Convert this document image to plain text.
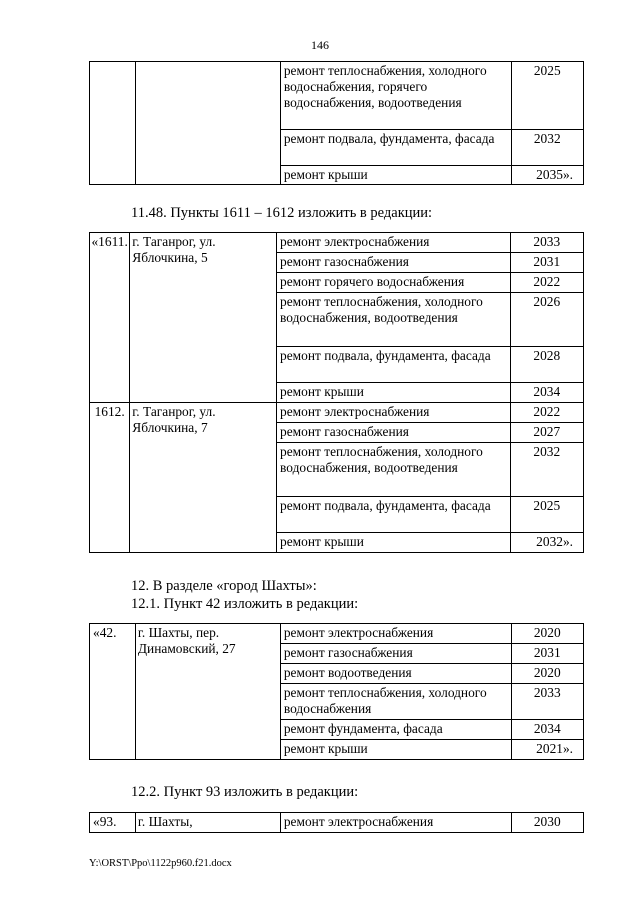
146
		ремонт теплоснабжения, холодного водоснабжения, горячего водоснабжения, водоотведения	2025
		ремонт подвала, фундамента, фасада	2032
		ремонт крыши	2035».
11.48. Пункты 1611 – 1612 изложить в редакции:
«1611.	г. Таганрог, ул. Яблочкина, 5	ремонт электроснабжения	2033
		ремонт газоснабжения	2031
		ремонт горячего водоснабжения	2022
		ремонт теплоснабжения, холодного водоснабжения, водоотведения	2026
		ремонт подвала, фундамента, фасада	2028
		ремонт крыши	2034
1612.	г. Таганрог, ул. Яблочкина, 7	ремонт электроснабжения	2022
		ремонт газоснабжения	2027
		ремонт теплоснабжения, холодного водоснабжения, водоотведения	2032
		ремонт подвала, фундамента, фасада	2025
		ремонт крыши	2032».
12. В разделе «город Шахты»:
12.1. Пункт 42 изложить в редакции:
«42.	г. Шахты, пер. Динамовский, 27	ремонт электроснабжения	2020
		ремонт газоснабжения	2031
		ремонт водоотведения	2020
		ремонт теплоснабжения, холодного водоснабжения	2033
		ремонт фундамента, фасада	2034
		ремонт крыши	2021».
12.2. Пункт 93 изложить в редакции:
«93.	г. Шахты,	ремонт электроснабжения	2030
Y:\ORST\Ppo\1122p960.f21.docx
